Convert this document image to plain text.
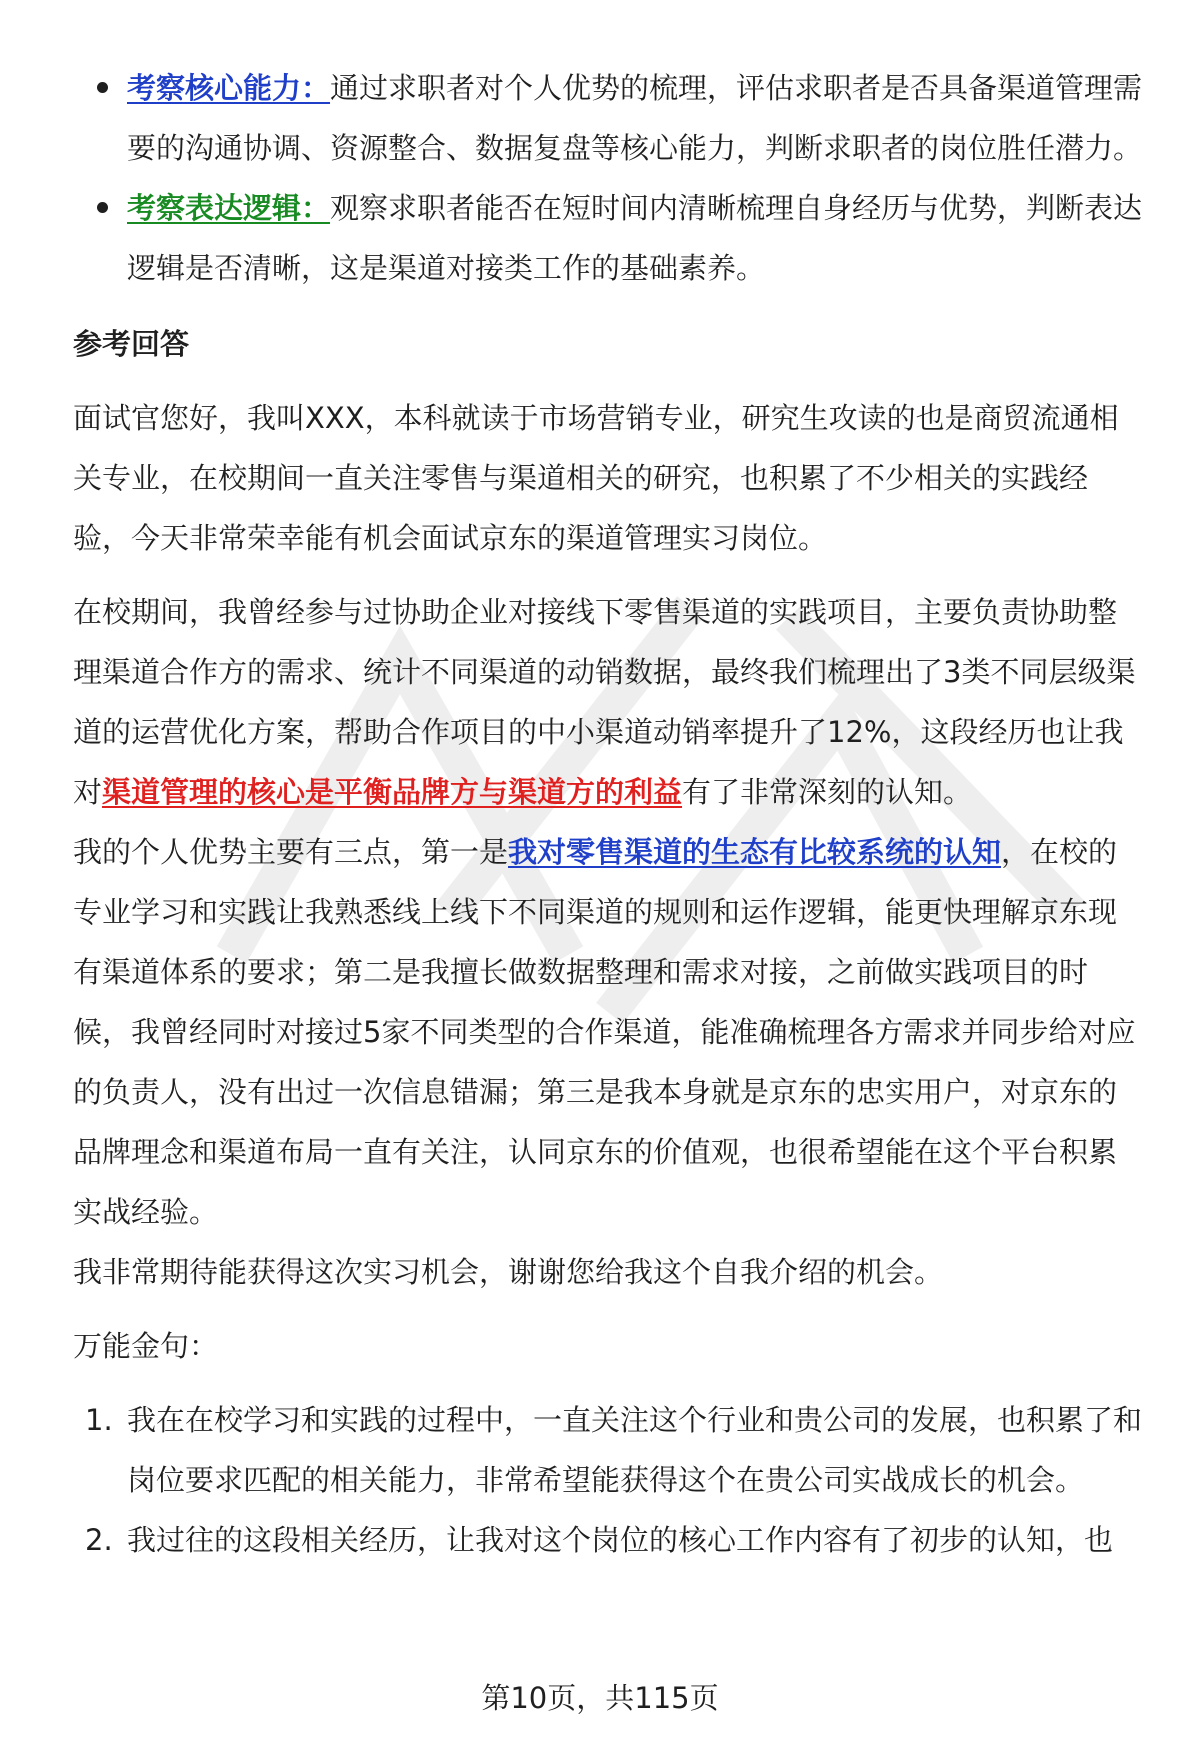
考察核心能力：通过求职者对个人优势的梳理，评估求职者是否具备渠道管理需要的沟通协调、资源整合、数据复盘等核心能力，判断求职者的岗位胜任潜力。
考察表达逻辑：观察求职者能否在短时间内清晰梳理自身经历与优势，判断表达逻辑是否清晰，这是渠道对接类工作的基础素养。
参考回答

面试官您好，我叫XXX，本科就读于市场营销专业，研究生攻读的也是商贸流通相关专业，在校期间一直关注零售与渠道相关的研究，也积累了不少相关的实践经验，今天非常荣幸能有机会面试京东的渠道管理实习岗位。

在校期间，我曾经参与过协助企业对接线下零售渠道的实践项目，主要负责协助整理渠道合作方的需求、统计不同渠道的动销数据，最终我们梳理出了3类不同层级渠道的运营优化方案，帮助合作项目的中小渠道动销率提升了12%，这段经历也让我对渠道管理的核心是平衡品牌方与渠道方的利益有了非常深刻的认知。

我的个人优势主要有三点，第一是我对零售渠道的生态有比较系统的认知，在校的专业学习和实践让我熟悉线上线下不同渠道的规则和运作逻辑，能更快理解京东现有渠道体系的要求；第二是我擅长做数据整理和需求对接，之前做实践项目的时候，我曾经同时对接过5家不同类型的合作渠道，能准确梳理各方需求并同步给对应的负责人，没有出过一次信息错漏；第三是我本身就是京东的忠实用户，对京东的品牌理念和渠道布局一直有关注，认同京东的价值观，也很希望能在这个平台积累实战经验。

我非常期待能获得这次实习机会，谢谢您给我这个自我介绍的机会。

万能金句：

1. 我在在校学习和实践的过程中，一直关注这个行业和贵公司的发展，也积累了和岗位要求匹配的相关能力，非常希望能获得这个在贵公司实战成长的机会。
2. 我过往的这段相关经历，让我对这个岗位的核心工作内容有了初步的认知，也
第10页，共115页
